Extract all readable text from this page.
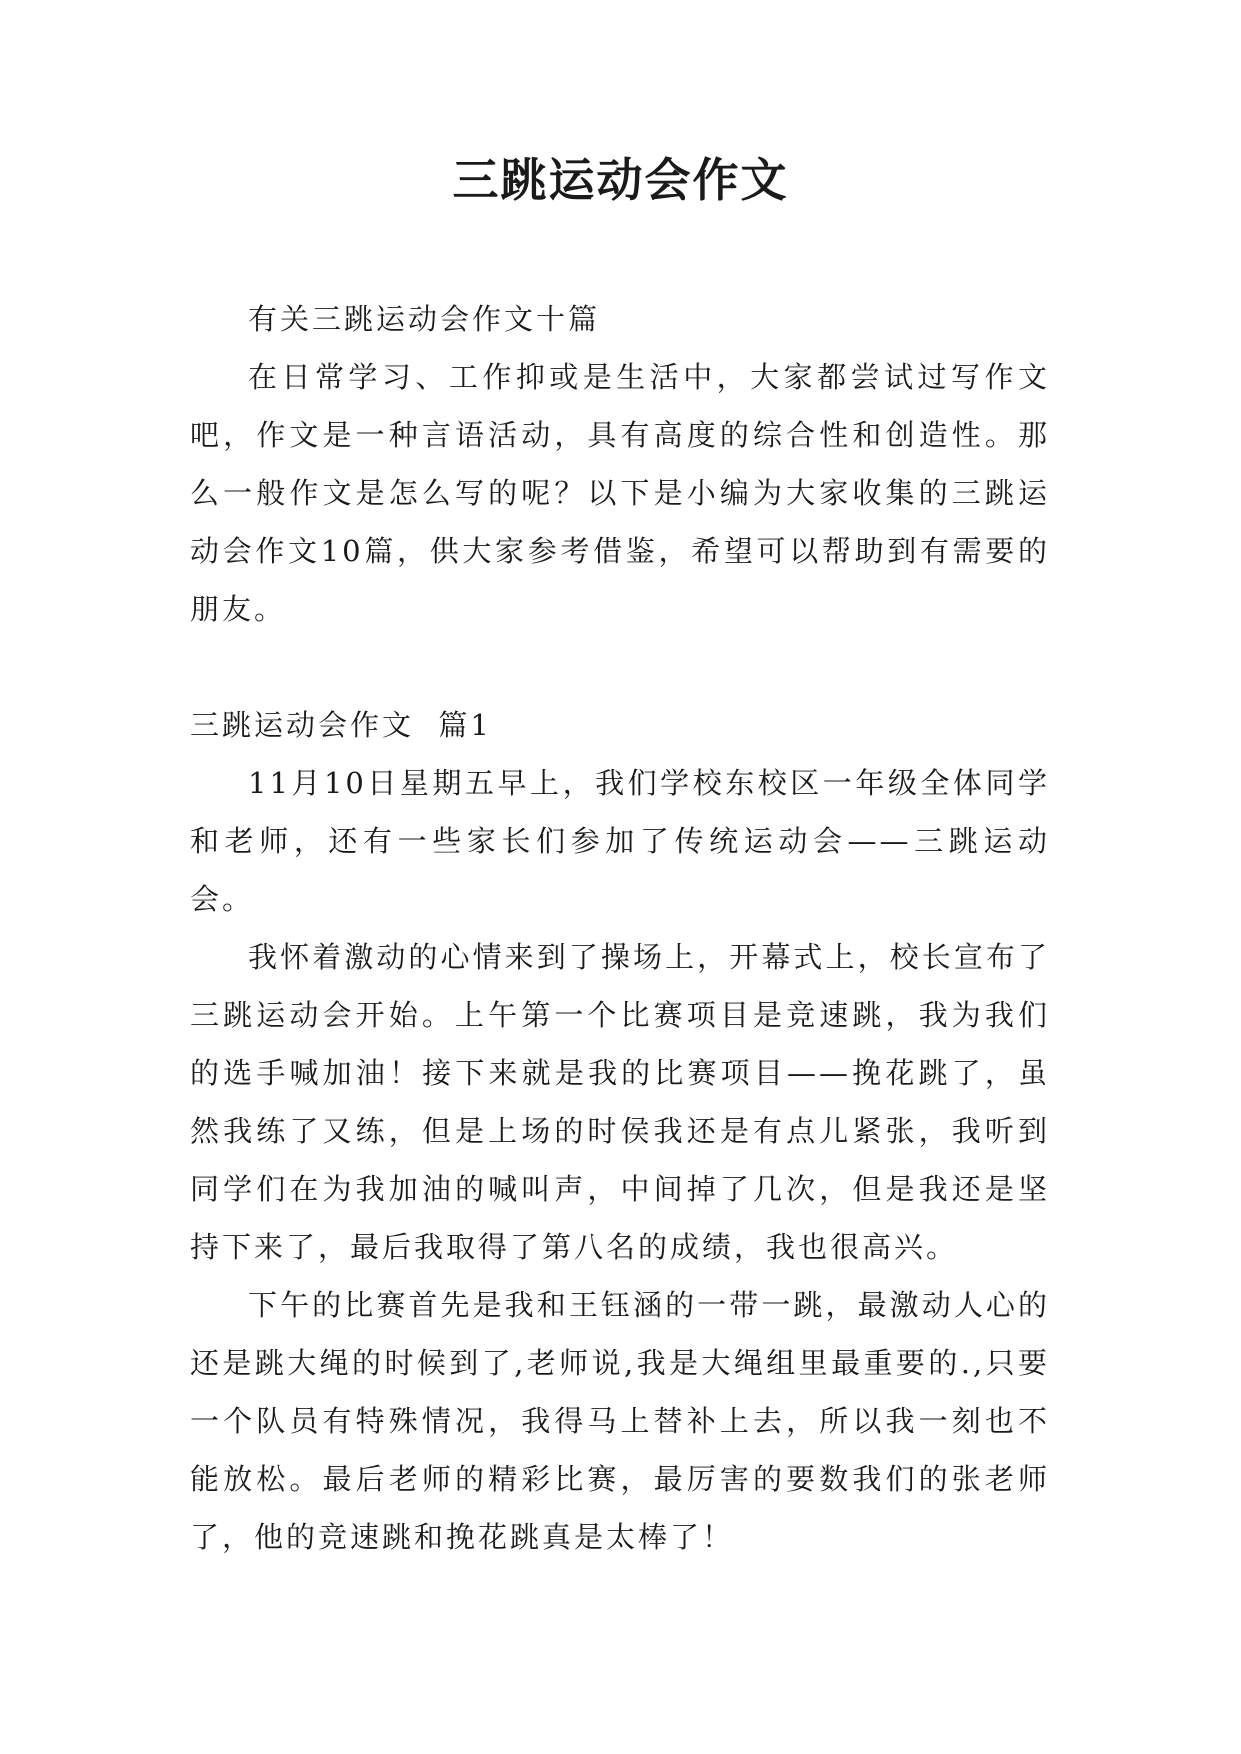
三跳运动会作文

有关三跳运动会作文十篇

在日常学习、工作抑或是生活中，大家都尝试过写作文吧，作文是一种言语活动，具有高度的综合性和创造性。那么一般作文是怎么写的呢？以下是小编为大家收集的三跳运动会作文10篇，供大家参考借鉴，希望可以帮助到有需要的朋友。

三跳运动会作文  篇1

11月10日星期五早上，我们学校东校区一年级全体同学和老师，还有一些家长们参加了传统运动会——三跳运动会。

我怀着激动的心情来到了操场上，开幕式上，校长宣布了三跳运动会开始。上午第一个比赛项目是竞速跳，我为我们的选手喊加油！接下来就是我的比赛项目——挽花跳了，虽然我练了又练，但是上场的时侯我还是有点儿紧张，我听到同学们在为我加油的喊叫声，中间掉了几次，但是我还是坚持下来了，最后我取得了第八名的成绩，我也很高兴。

下午的比赛首先是我和王钰涵的一带一跳，最激动人心的还是跳大绳的时候到了,老师说,我是大绳组里最重要的.,只要一个队员有特殊情况，我得马上替补上去，所以我一刻也不能放松。最后老师的精彩比赛，最厉害的要数我们的张老师了，他的竞速跳和挽花跳真是太棒了！
